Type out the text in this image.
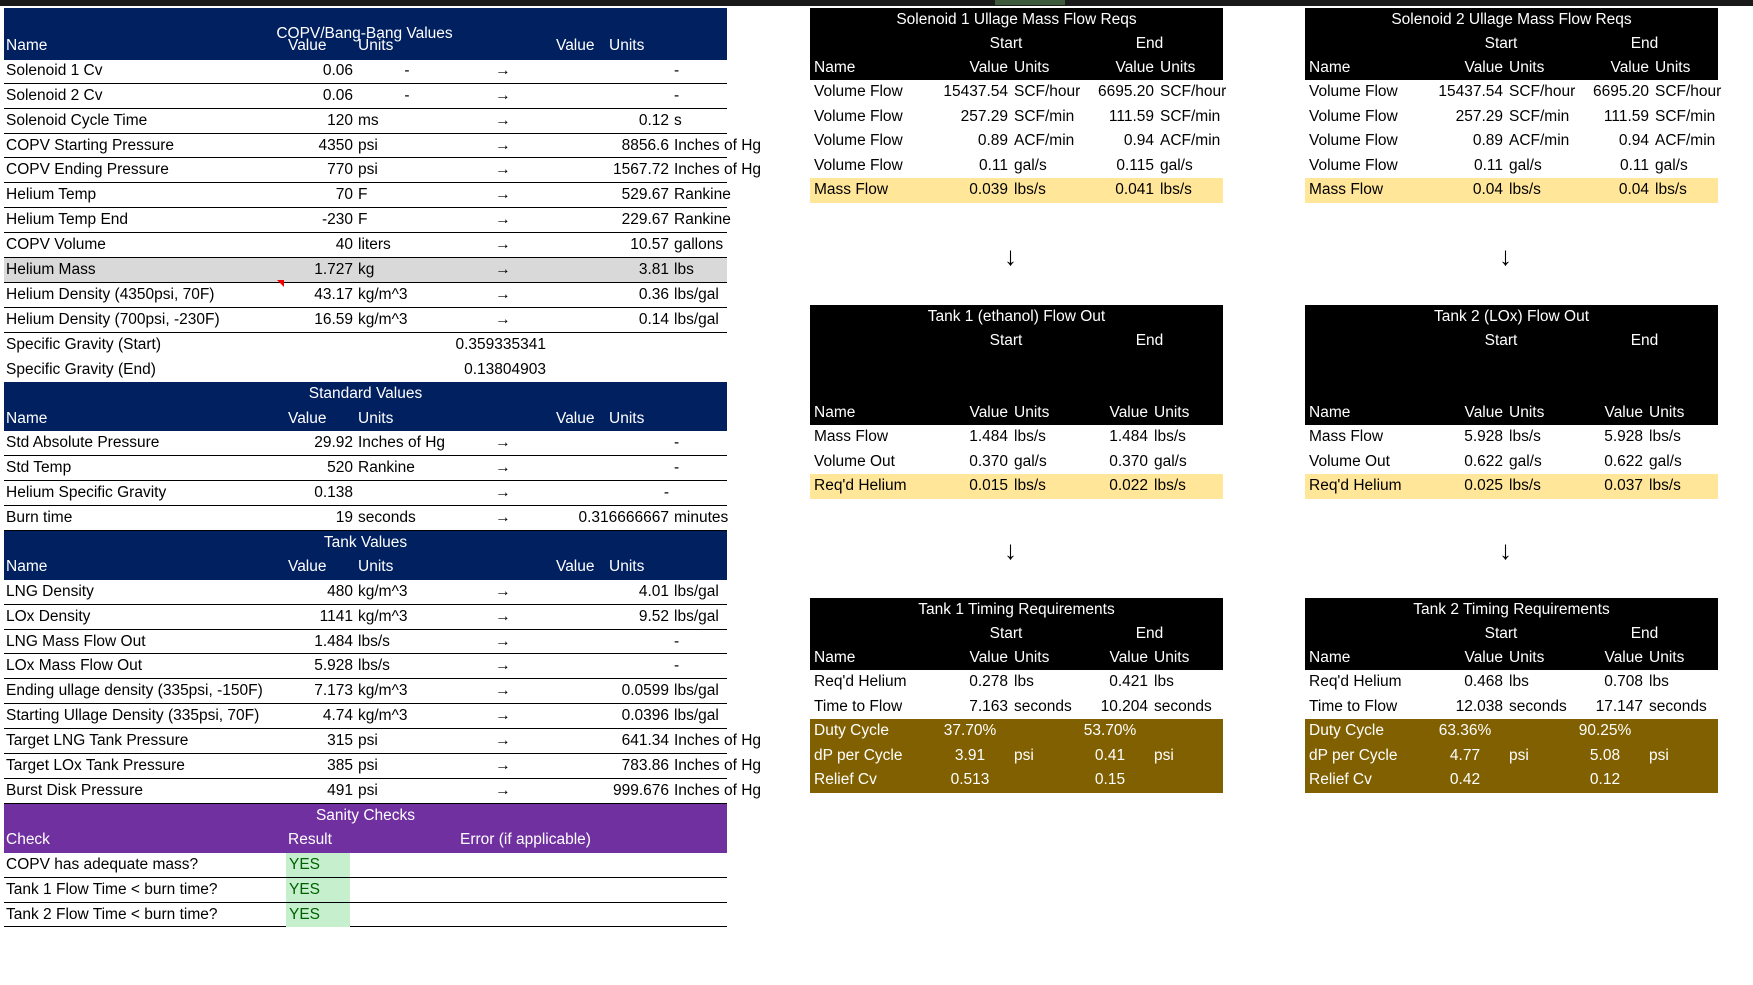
COPV/Bang-Bang Values
Name	Value	Units	Value Units
Solenoid 1 Cv	0.06	-	→	-
Solenoid 2 Cv	0.06	-	→	-
Solenoid Cycle Time	120 ms	→	0.12 s
COPV Starting Pressure	4350 psi	→	8856.6 Inches of Hg
COPV Ending Pressure	770 psi	→	1567.72 Inches of Hg
Helium Temp	70 F	→	529.67 Rankine
Helium Temp End	-230 F	→	229.67 Rankine
COPV Volume	40 liters	→	10.57 gallons
Helium Mass	1.727 kg	→	3.81 lbs
Helium Density (4350psi, 70F)	43.17 kg/m^3	→	0.36 lbs/gal
Helium Density (700psi, -230F)	16.59 kg/m^3	→	0.14 lbs/gal
Specific Gravity (Start)	0.359335341
Specific Gravity (End)	0.13804903
Standard Values
Name	Value	Units	Value Units
Std Absolute Pressure	29.92 Inches of Hg	→	-
Std Temp	520 Rankine	→	-
Helium Specific Gravity	0.138	→	-
Burn time	19 seconds	→	0.316666667 minutes
Tank Values
Name	Value	Units	Value Units
LNG Density	480 kg/m^3	→	4.01 lbs/gal
LOx Density	1141 kg/m^3	→	9.52 lbs/gal
LNG Mass Flow Out	1.484 lbs/s	→	-
LOx Mass Flow Out	5.928 lbs/s	→	-
Ending ullage density (335psi, -150F)	7.173 kg/m^3	→	0.0599 lbs/gal
Starting Ullage Density (335psi, 70F)	4.74 kg/m^3	→	0.0396 lbs/gal
Target LNG Tank Pressure	315 psi	→	641.34 Inches of Hg
Target LOx Tank Pressure	385 psi	→	783.86 Inches of Hg
Burst Disk Pressure	491 psi	→	999.676 Inches of Hg
Sanity Checks
Check	Result	Error (if applicable)
COPV has adequate mass?	YES
Tank 1 Flow Time < burn time?	YES
Tank 2 Flow Time < burn time?	YES
Solenoid 1 Ullage Mass Flow Reqs
Start	End
Name	Value Units	Value Units
Volume Flow	15437.54 SCF/hour	6695.20 SCF/hour
Volume Flow	257.29 SCF/min	111.59 SCF/min
Volume Flow	0.89 ACF/min	0.94 ACF/min
Volume Flow	0.11 gal/s	0.115 gal/s
Mass Flow	0.039 lbs/s	0.041 lbs/s
Solenoid 2 Ullage Mass Flow Reqs
Start	End
Name	Value Units	Value Units
Volume Flow	15437.54 SCF/hour	6695.20 SCF/hour
Volume Flow	257.29 SCF/min	111.59 SCF/min
Volume Flow	0.89 ACF/min	0.94 ACF/min
Volume Flow	0.11 gal/s	0.11 gal/s
Mass Flow	0.04 lbs/s	0.04 lbs/s
↓	↓
Tank 1 (ethanol) Flow Out
Start	End
Name	Value Units	Value Units
Mass Flow	1.484 lbs/s	1.484 lbs/s
Volume Out	0.370 gal/s	0.370 gal/s
Req'd Helium	0.015 lbs/s	0.022 lbs/s
Tank 2 (LOx) Flow Out
Start	End
Name	Value Units	Value Units
Mass Flow	5.928 lbs/s	5.928 lbs/s
Volume Out	0.622 gal/s	0.622 gal/s
Req'd Helium	0.025 lbs/s	0.037 lbs/s
↓	↓
Tank 1 Timing Requirements
Start	End
Name	Value Units	Value Units
Req'd Helium	0.278 lbs	0.421 lbs
Time to Flow	7.163 seconds	10.204 seconds
Duty Cycle	37.70%	53.70%
dP per Cycle	3.91	psi	0.41	psi
Relief Cv	0.513	0.15
Tank 2 Timing Requirements
Start	End
Name	Value Units	Value Units
Req'd Helium	0.468 lbs	0.708 lbs
Time to Flow	12.038 seconds	17.147 seconds
Duty Cycle	63.36%	90.25%
dP per Cycle	4.77	psi	5.08	psi
Relief Cv	0.42	0.12
